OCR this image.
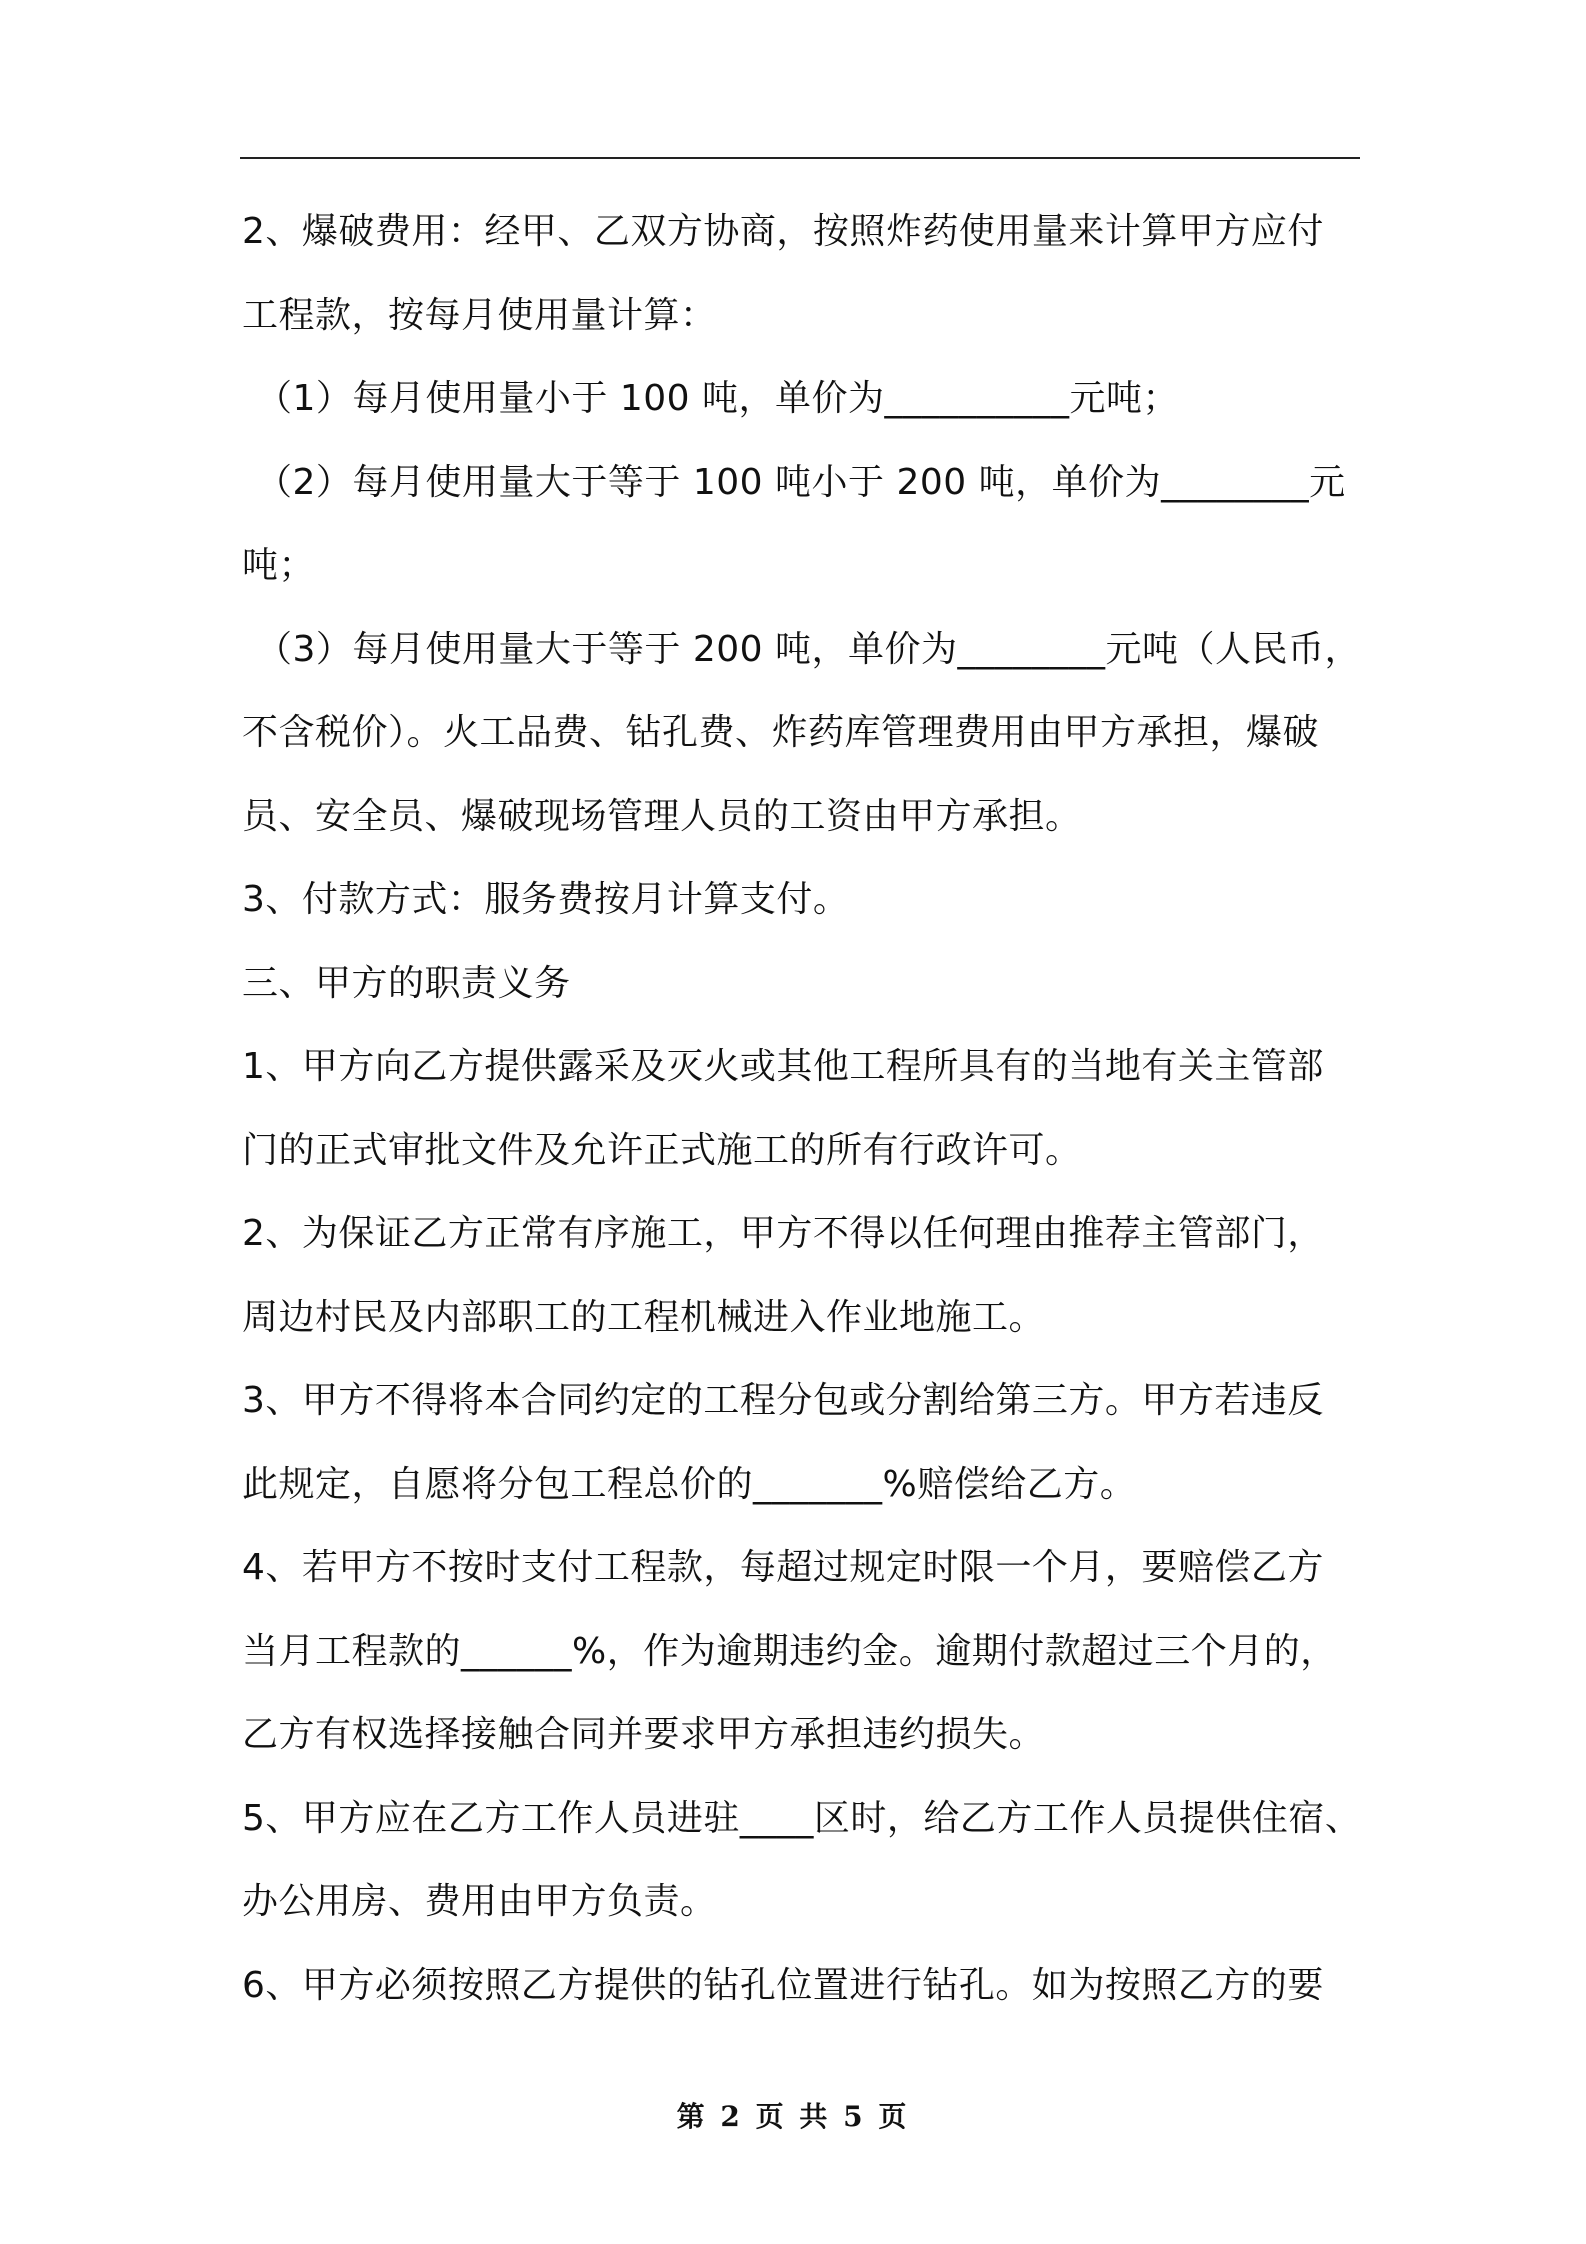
2、爆破费用：经甲、乙双方协商，按照炸药使用量来计算甲方应付
工程款，按每月使用量计算：
（1）每月使用量小于 100 吨，单价为__________元吨；
（2）每月使用量大于等于 100 吨小于 200 吨，单价为________元
吨；
（3）每月使用量大于等于 200 吨，单价为________元吨（人民币，
不含税价）。火工品费、钻孔费、炸药库管理费用由甲方承担，爆破
员、安全员、爆破现场管理人员的工资由甲方承担。
3、付款方式：服务费按月计算支付。
三、甲方的职责义务
1、甲方向乙方提供露采及灭火或其他工程所具有的当地有关主管部
门的正式审批文件及允许正式施工的所有行政许可。
2、为保证乙方正常有序施工，甲方不得以任何理由推荐主管部门，
周边村民及内部职工的工程机械进入作业地施工。
3、甲方不得将本合同约定的工程分包或分割给第三方。甲方若违反
此规定，自愿将分包工程总价的_______%赔偿给乙方。
4、若甲方不按时支付工程款，每超过规定时限一个月，要赔偿乙方
当月工程款的______%，作为逾期违约金。逾期付款超过三个月的，
乙方有权选择接触合同并要求甲方承担违约损失。
5、甲方应在乙方工作人员进驻____区时，给乙方工作人员提供住宿、
办公用房、费用由甲方负责。
6、甲方必须按照乙方提供的钻孔位置进行钻孔。如为按照乙方的要
第 2 页 共 5 页
